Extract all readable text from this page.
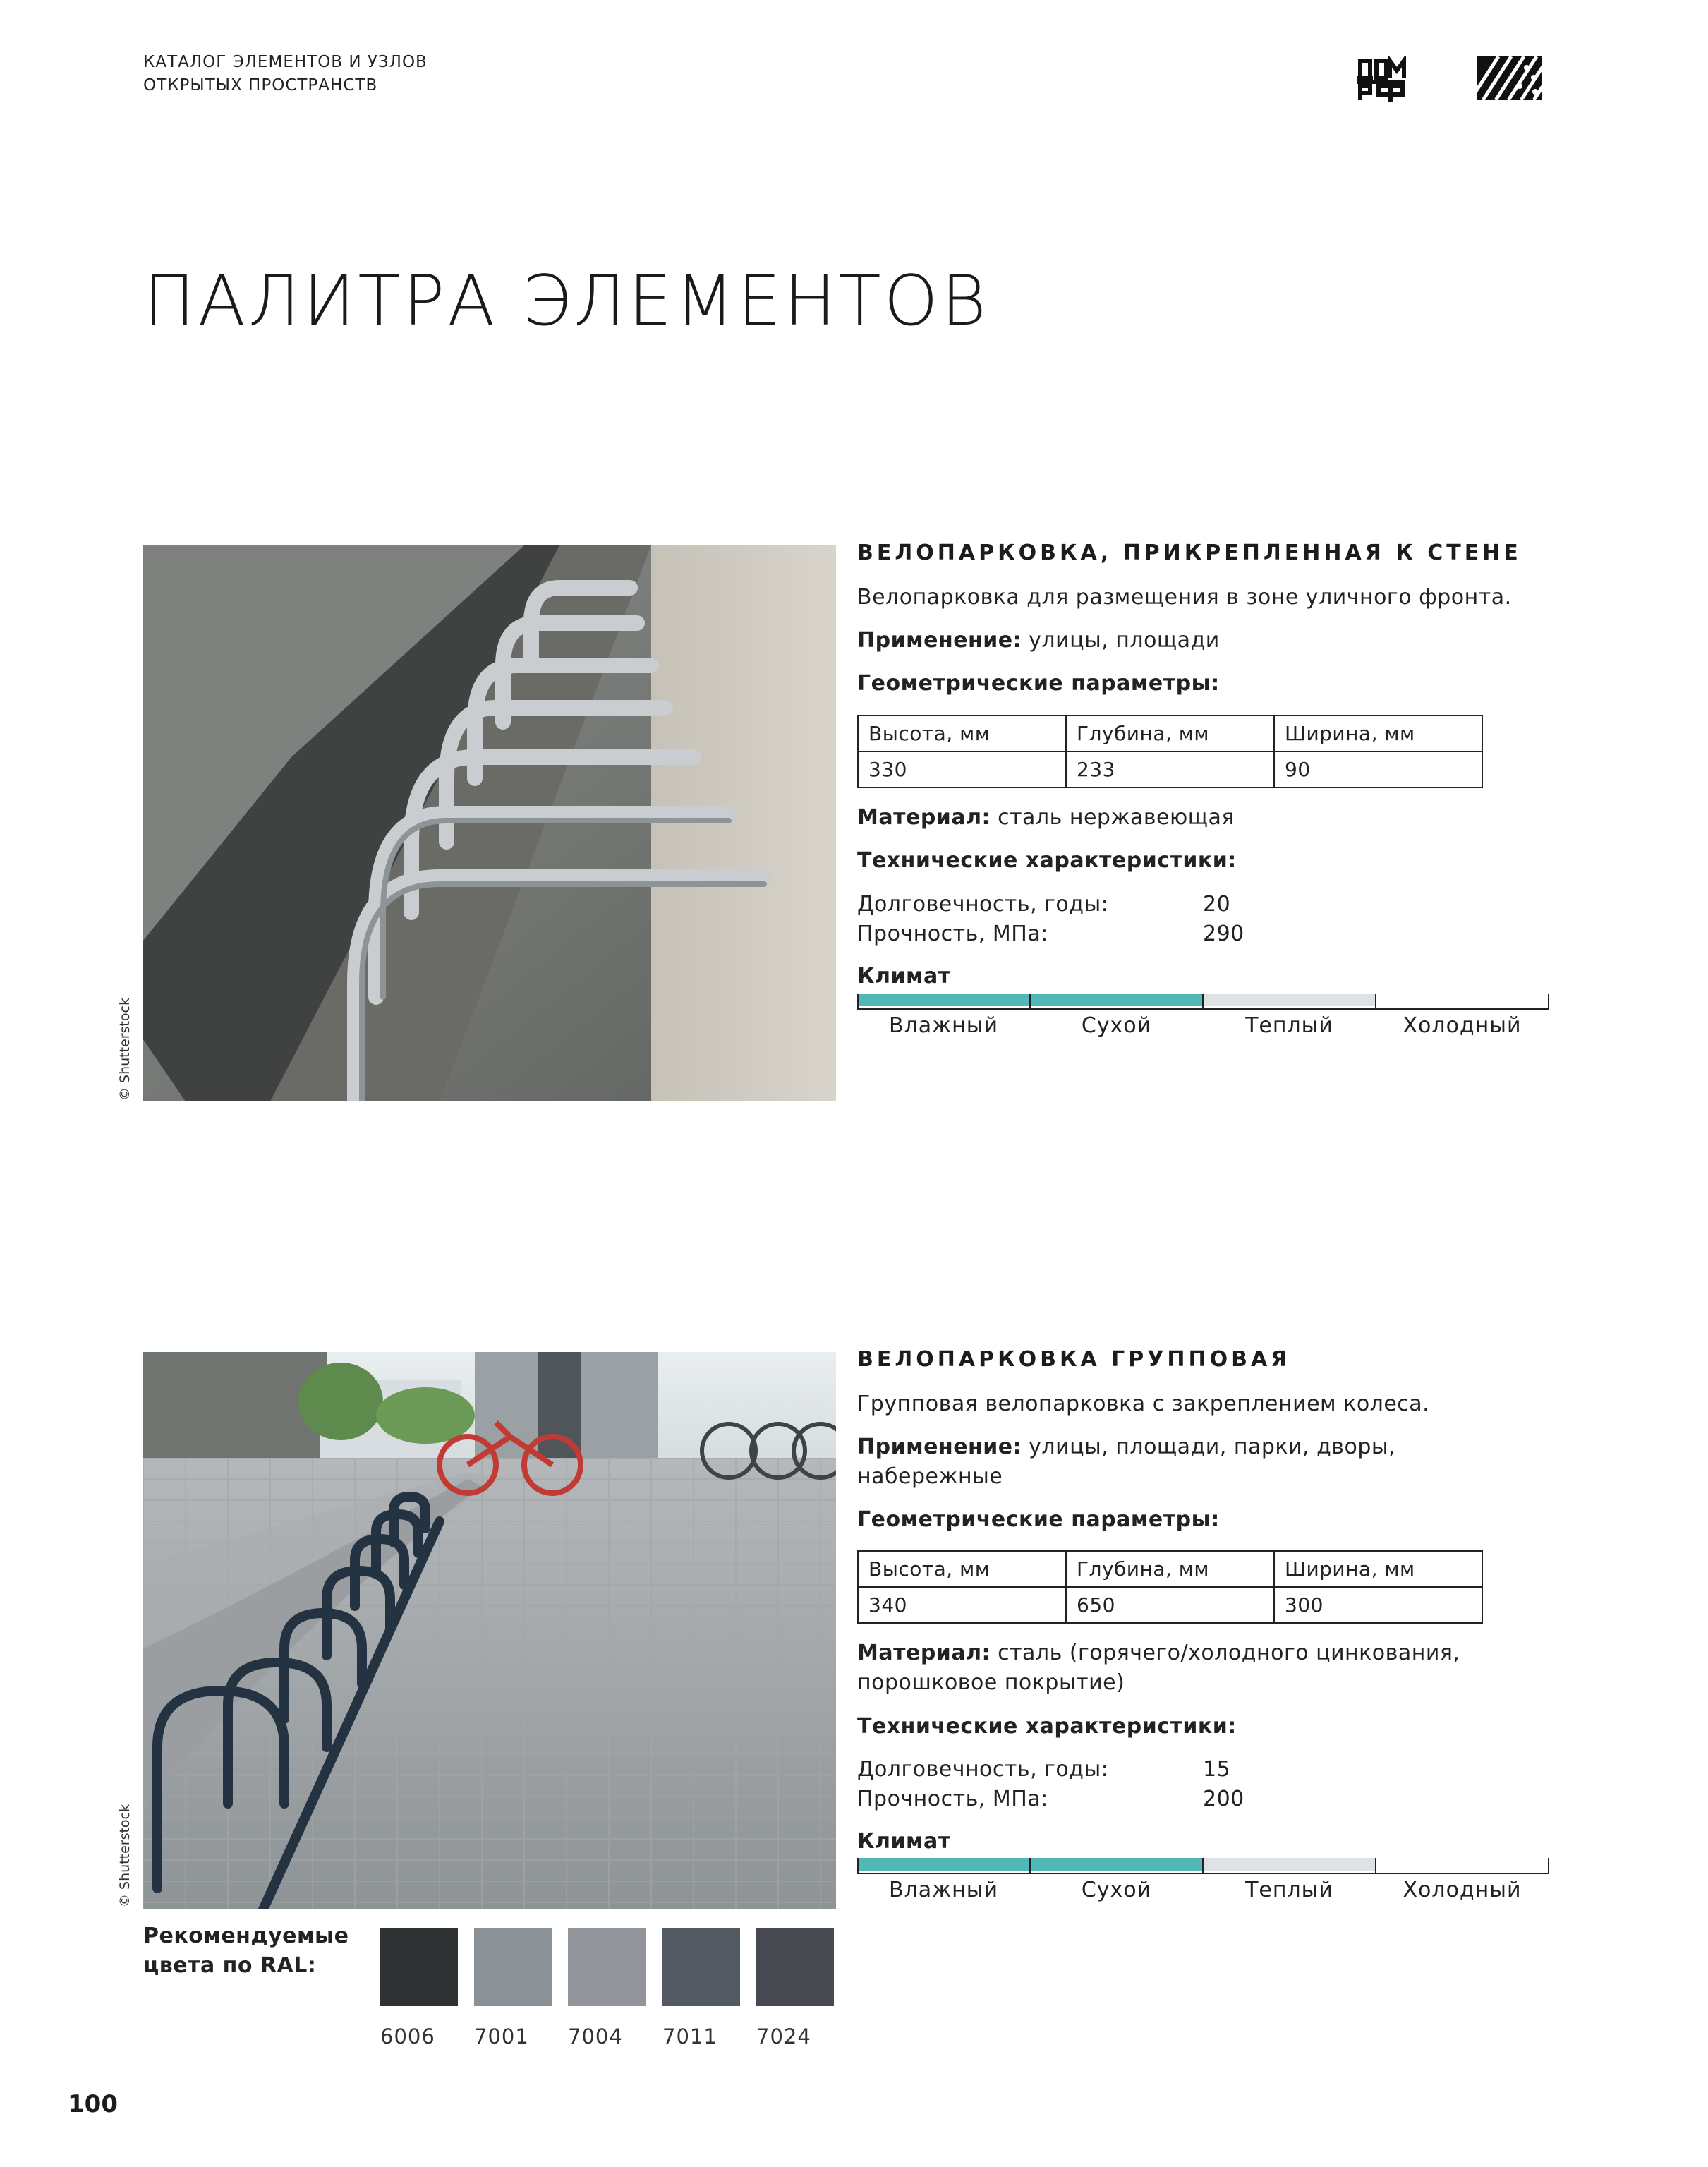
КАТАЛОГ ЭЛЕМЕНТОВ И УЗЛОВ
ОТКРЫТЫХ ПРОСТРАНСТВ
ПАЛИТРА ЭЛЕМЕНТОВ
© Shutterstock
ВЕЛОПАРКОВКА, ПРИКРЕПЛЕННАЯ К СТЕНЕ
Велопарковка для размещения в зоне уличного фронта.
Применение: улицы, площади
Геометрические параметры:
Высота, мм	Глубина, мм	Ширина, мм
330	233	90
Материал: сталь нержавеющая
Технические характеристики:
Долговечность, годы:	20
Прочность, МПа:	290
Климат
Влажный	Сухой	Теплый	Холодный
© Shutterstock
ВЕЛОПАРКОВКА ГРУППОВАЯ
Групповая велопарковка с закреплением колеса.
Применение: улицы, площади, парки, дворы,
набережные
Геометрические параметры:
Высота, мм	Глубина, мм	Ширина, мм
340	650	300
Материал: сталь (горячего/холодного цинкования,
порошковое покрытие)
Технические характеристики:
Долговечность, годы:	15
Прочность, МПа:	200
Климат
Влажный	Сухой	Теплый	Холодный
Рекомендуемые
цвета по RAL:
6006 7001 7004 7011 7024
100
